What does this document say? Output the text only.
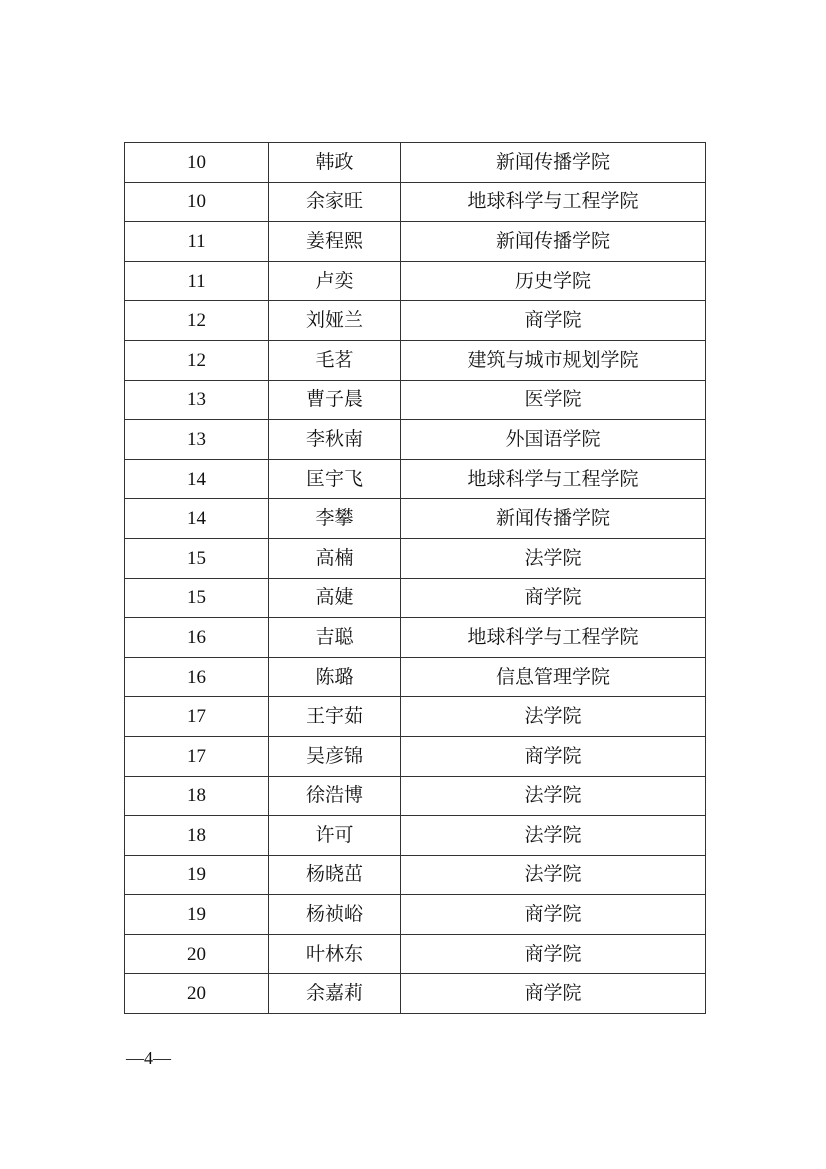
10	韩政	新闻传播学院
10	余家旺	地球科学与工程学院
11	姜程熙	新闻传播学院
11	卢奕	历史学院
12	刘娅兰	商学院
12	毛茗	建筑与城市规划学院
13	曹子晨	医学院
13	李秋南	外国语学院
14	匡宇飞	地球科学与工程学院
14	李攀	新闻传播学院
15	高楠	法学院
15	高婕	商学院
16	吉聪	地球科学与工程学院
16	陈璐	信息管理学院
17	王宇茹	法学院
17	吴彦锦	商学院
18	徐浩博	法学院
18	许可	法学院
19	杨晓茁	法学院
19	杨祯峪	商学院
20	叶林东	商学院
20	余嘉莉	商学院
—4—
